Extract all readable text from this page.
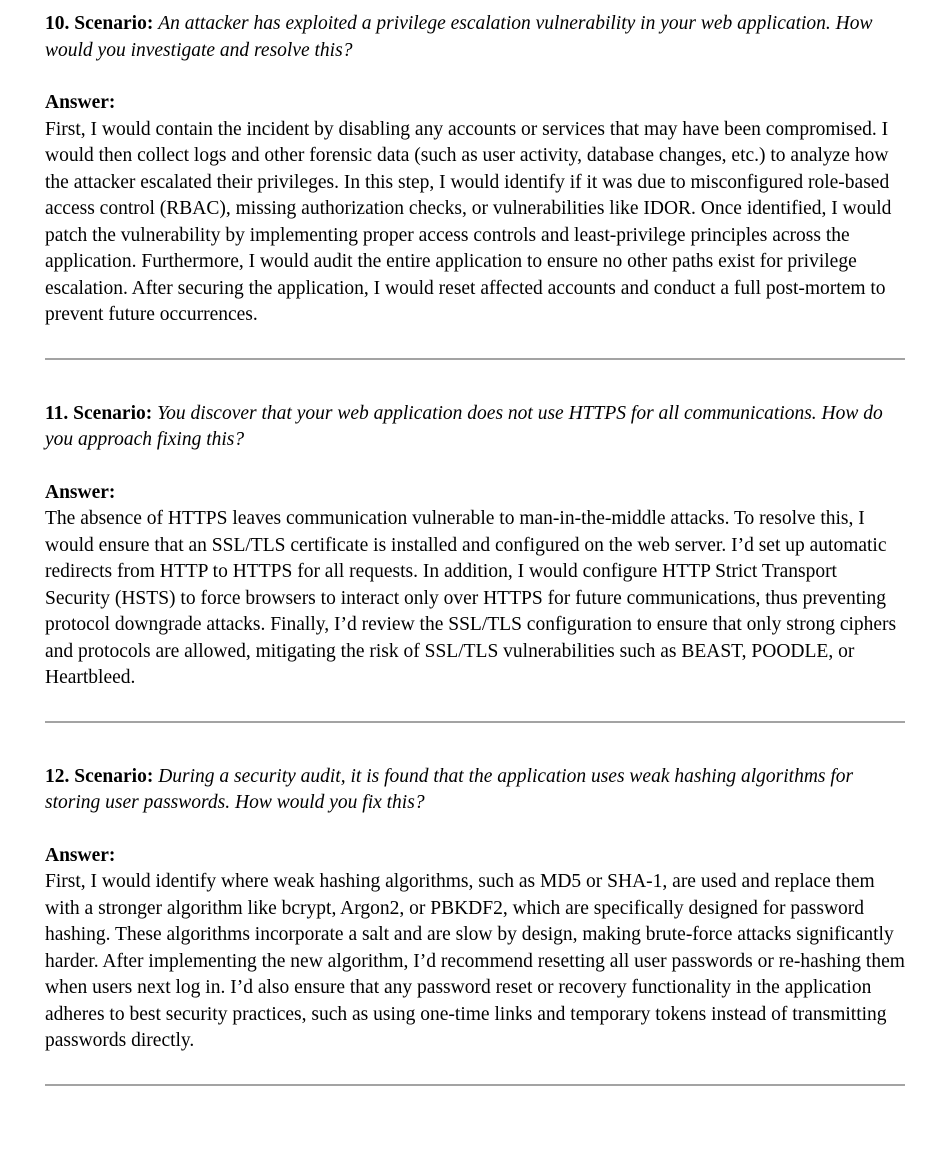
10. Scenario: An attacker has exploited a privilege escalation vulnerability in your web application. How would you investigate and resolve this?

Answer:
First, I would contain the incident by disabling any accounts or services that may have been compromised. I would then collect logs and other forensic data (such as user activity, database changes, etc.) to analyze how the attacker escalated their privileges. In this step, I would identify if it was due to misconfigured role-based access control (RBAC), missing authorization checks, or vulnerabilities like IDOR. Once identified, I would patch the vulnerability by implementing proper access controls and least-privilege principles across the application. Furthermore, I would audit the entire application to ensure no other paths exist for privilege escalation. After securing the application, I would reset affected accounts and conduct a full post-mortem to prevent future occurrences.

11. Scenario: You discover that your web application does not use HTTPS for all communications. How do you approach fixing this?

Answer:
The absence of HTTPS leaves communication vulnerable to man-in-the-middle attacks. To resolve this, I would ensure that an SSL/TLS certificate is installed and configured on the web server. I’d set up automatic redirects from HTTP to HTTPS for all requests. In addition, I would configure HTTP Strict Transport Security (HSTS) to force browsers to interact only over HTTPS for future communications, thus preventing protocol downgrade attacks. Finally, I’d review the SSL/TLS configuration to ensure that only strong ciphers and protocols are allowed, mitigating the risk of SSL/TLS vulnerabilities such as BEAST, POODLE, or Heartbleed.

12. Scenario: During a security audit, it is found that the application uses weak hashing algorithms for storing user passwords. How would you fix this?

Answer:
First, I would identify where weak hashing algorithms, such as MD5 or SHA-1, are used and replace them with a stronger algorithm like bcrypt, Argon2, or PBKDF2, which are specifically designed for password hashing. These algorithms incorporate a salt and are slow by design, making brute-force attacks significantly harder. After implementing the new algorithm, I’d recommend resetting all user passwords or re-hashing them when users next log in. I’d also ensure that any password reset or recovery functionality in the application adheres to best security practices, such as using one-time links and temporary tokens instead of transmitting passwords directly.
